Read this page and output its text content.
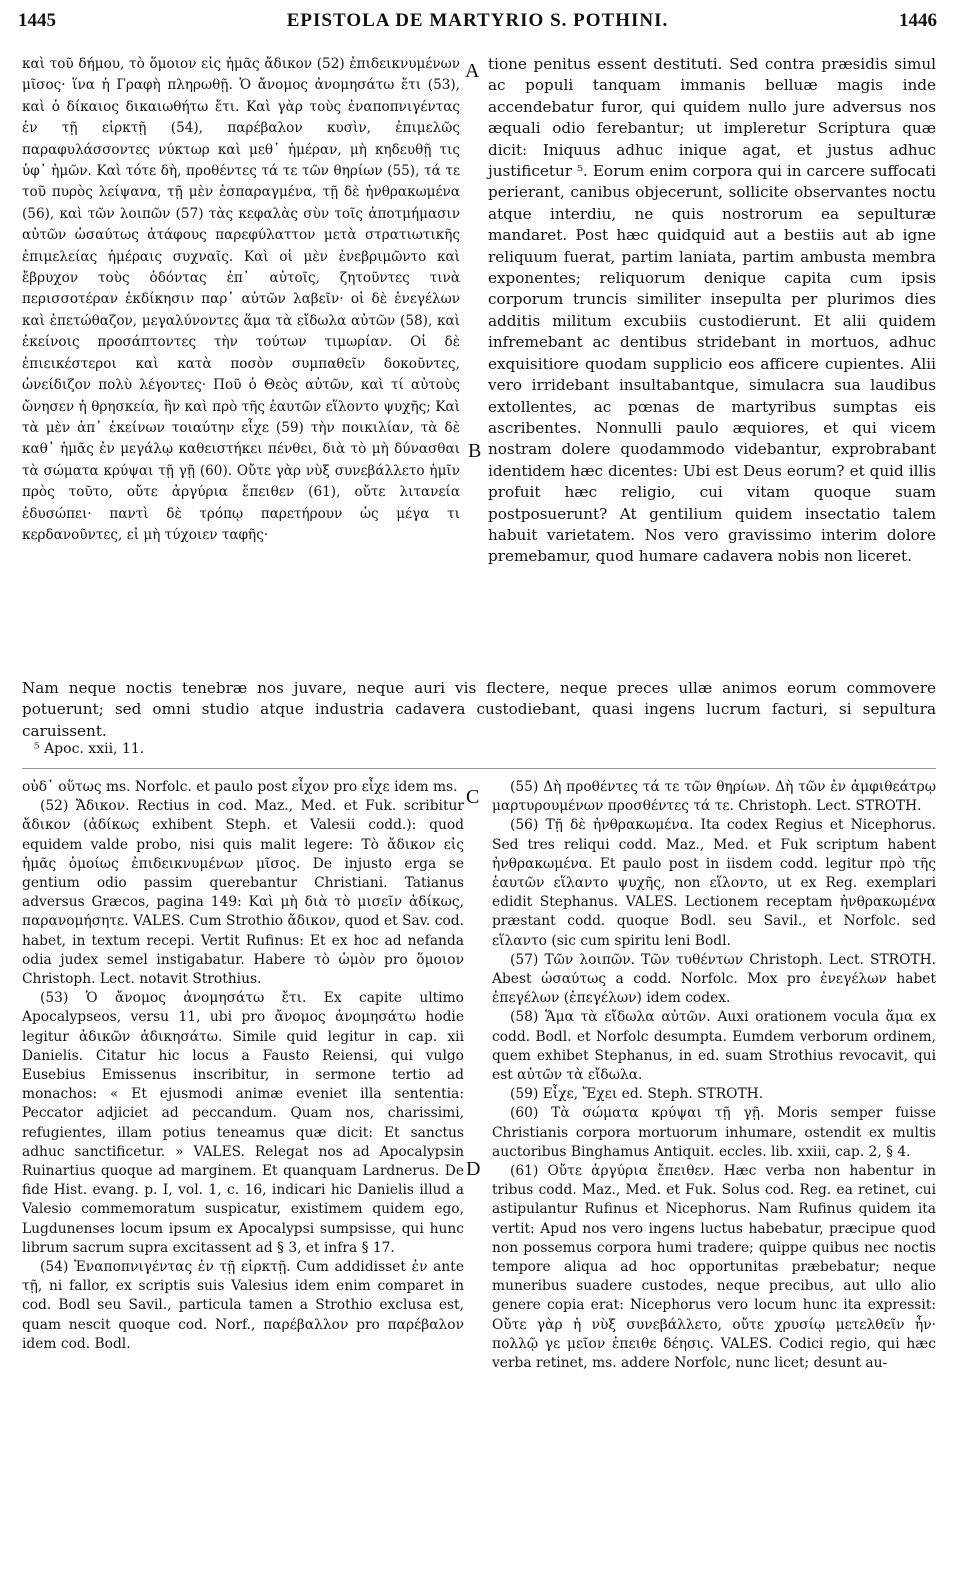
1445	EPISTOLA DE MARTYRIO S. POTHINI.	1446

καὶ τοῦ δήμου, τὸ ὅμοιον εἰς ἡμᾶς ἄδικον (52) ἐπιδεικνυμένων μῖσος· ἵνα ἡ Γραφὴ πληρωθῇ. Ὁ ἄνομος ἀνομησάτω ἔτι (53), καὶ ὁ δίκαιος δικαιωθήτω ἔτι. Καὶ γὰρ τοὺς ἐναποπνιγέντας ἐν τῇ εἱρκτῇ (54), παρέβαλον κυσὶν, ἐπιμελῶς παραφυλάσσοντες νύκτωρ καὶ μεθ᾽ ἡμέραν, μὴ κηδευθῇ τις ὑφ᾽ ἡμῶν. Καὶ τότε δὴ, προθέντες τά τε τῶν θηρίων (55), τά τε τοῦ πυρὸς λείψανα, τῇ μὲν ἐσπαραγμένα, τῇ δὲ ἠνθρακωμένα (56), καὶ τῶν λοιπῶν (57) τὰς κεφαλὰς σὺν τοῖς ἀποτμήμασιν αὐτῶν ὡσαύτως ἀτάφους παρεφύλαττον μετὰ στρατιωτικῆς ἐπιμελείας ἡμέραις συχναῖς. Καὶ οἱ μὲν ἐνεβριμῶντο καὶ ἔβρυχον τοὺς ὀδόντας ἐπ᾽ αὐτοῖς, ζητοῦντες τινὰ περισσοτέραν ἐκδίκησιν παρ᾽ αὐτῶν λαβεῖν· οἱ δὲ ἐνεγέλων καὶ ἐπετώθαζον, μεγαλύνοντες ἅμα τὰ εἴδωλα αὐτῶν (58), καὶ ἐκείνοις προσάπτοντες τὴν τούτων τιμωρίαν. Οἱ δὲ ἐπιεικέστεροι καὶ κατὰ ποσὸν συμπαθεῖν δοκοῦντες, ὠνείδιζον πολὺ λέγοντες· Ποῦ ὁ Θεὸς αὐτῶν, καὶ τί αὐτοὺς ὤνησεν ἡ θρησκεία, ἣν καὶ πρὸ τῆς ἑαυτῶν εἵλοντο ψυχῆς; Καὶ τὰ μὲν ἀπ᾽ ἐκείνων τοιαύτην εἶχε (59) τὴν ποικιλίαν, τὰ δὲ καθ᾽ ἡμᾶς ἐν μεγάλῳ καθειστήκει πένθει, διὰ τὸ μὴ δύνασθαι τὰ σώματα κρύψαι τῇ γῇ (60). Οὔτε γὰρ νὺξ συνεβάλλετο ἡμῖν πρὸς τοῦτο, οὔτε ἀργύρια ἔπειθεν (61), οὔτε λιτανεία ἐδυσώπει· παντὶ δὲ τρόπῳ παρετήρουν ὡς μέγα τι κερδανοῦντες, εἰ μὴ τύχοιεν ταφῆς·

A
B

tione penitus essent destituti. Sed contra præsidis simul ac populi tanquam immanis belluæ magis inde accendebatur furor, qui quidem nullo jure adversus nos æquali odio ferebantur; ut impleretur Scriptura quæ dicit: Iniquus adhuc inique agat, et justus adhuc justificetur ⁵. Eorum enim corpora qui in carcere suffocati perierant, canibus objecerunt, sollicite observantes noctu atque interdiu, ne quis nostrorum ea sepulturæ mandaret. Post hæc quidquid aut a bestiis aut ab igne reliquum fuerat, partim laniata, partim ambusta membra exponentes; reliquorum denique capita cum ipsis corporum truncis similiter insepulta per plurimos dies additis militum excubiis custodierunt. Et alii quidem infremebant ac dentibus stridebant in mortuos, adhuc exquisitiore quodam supplicio eos afficere cupientes. Alii vero irridebant insultabantque, simulacra sua laudibus extollentes, ac pœnas de martyribus sumptas eis ascribentes. Nonnulli paulo æquiores, et qui vicem nostram dolere quodammodo videbantur, exprobrabant identidem hæc dicentes: Ubi est Deus eorum? et quid illis profuit hæc religio, cui vitam quoque suam postposuerunt? At gentilium quidem insectatio talem habuit varietatem. Nos vero gravissimo interim dolore premebamur, quod humare cadavera nobis non liceret.

Nam neque noctis tenebræ nos juvare, neque auri vis flectere, neque preces ullæ animos eorum commovere potuerunt; sed omni studio atque industria cadavera custodiebant, quasi ingens lucrum facturi, si sepultura caruissent.

⁵ Apoc. xxii, 11.
C
D

οὐδ᾽ οὕτως ms. Norfolc. et paulo post εἶχον pro εἶχε idem ms.

(52) Ἄδικον. Rectius in cod. Maz., Med. et Fuk. scribitur ἄδικον (ἀδίκως exhibent Steph. et Valesii codd.): quod equidem valde probo, nisi quis malit legere: Τὸ ἄδικον εἰς ἡμᾶς ὁμοίως ἐπιδεικνυμένων μῖσος. De injusto erga se gentium odio passim querebantur Christiani. Tatianus adversus Græcos, pagina 149: Καὶ μὴ διὰ τὸ μισεῖν ἀδίκως, παρανομήσητε. VALES. Cum Strothio ἄδικον, quod et Sav. cod. habet, in textum recepi. Vertit Rufinus: Et ex hoc ad nefanda odia judex semel instigabatur. Habere τὸ ὠμὸν pro ὅμοιον Christoph. Lect. notavit Strothius.

(53) Ὁ ἄνομος ἀνομησάτω ἔτι. Ex capite ultimo Apocalypseos, versu 11, ubi pro ἄνομος ἀνομησάτω hodie legitur ἀδικῶν ἀδικησάτω. Simile quid legitur in cap. xii Danielis. Citatur hic locus a Fausto Reiensi, qui vulgo Eusebius Emissenus inscribitur, in sermone tertio ad monachos: « Et ejusmodi animæ eveniet illa sententia: Peccator adjiciet ad peccandum. Quam nos, charissimi, refugientes, illam potius teneamus quæ dicit: Et sanctus adhuc sanctificetur. » VALES. Relegat nos ad Apocalypsin Ruinartius quoque ad marginem. Et quanquam Lardnerus. De fide Hist. evang. p. I, vol. 1, c. 16, indicari hic Danielis illud a Valesio commemoratum suspicatur, existimem quidem ego, Lugdunenses locum ipsum ex Apocalypsi sumpsisse, qui hunc librum sacrum supra excitassent ad § 3, et infra § 17.

(54) Ἐναποπνιγέντας ἐν τῇ εἱρκτῇ. Cum addidisset ἐν ante τῇ, ni fallor, ex scriptis suis Valesius idem enim comparet in cod. Bodl seu Savil., particula tamen a Strothio exclusa est, quam nescit quoque cod. Norf., παρέβαλλον pro παρέβαλον idem cod. Bodl.

(55) Δὴ προθέντες τά τε τῶν θηρίων. Δὴ τῶν ἐν ἀμφιθεάτρῳ μαρτυρουμένων προσθέντες τά τε. Christoph. Lect. STROTH.

(56) Τῇ δὲ ἠνθρακωμένα. Ita codex Regius et Nicephorus. Sed tres reliqui codd. Maz., Med. et Fuk scriptum habent ἠνθρακωμένα. Et paulo post in iisdem codd. legitur πρὸ τῆς ἑαυτῶν εἵλαντο ψυχῆς, non εἵλοντο, ut ex Reg. exemplari edidit Stephanus. VALES. Lectionem receptam ἠνθρακωμένα præstant codd. quoque Bodl. seu Savil., et Norfolc. sed εἵλαντο (sic cum spiritu leni Bodl.

(57) Τῶν λοιπῶν. Τῶν τυθέντων Christoph. Lect. STROTH. Abest ὡσαύτως a codd. Norfolc. Mox pro ἐνεγέλων habet ἐπεγέλων (ἐπεγέλων) idem codex.

(58) Ἅμα τὰ εἴδωλα αὐτῶν. Auxi orationem vocula ἅμα ex codd. Bodl. et Norfolc desumpta. Eumdem verborum ordinem, quem exhibet Stephanus, in ed. suam Strothius revocavit, qui est αὐτῶν τὰ εἴδωλα.

(59) Εἶχε, Ἔχει ed. Steph. STROTH.

(60) Τὰ σώματα κρύψαι τῇ γῇ. Moris semper fuisse Christianis corpora mortuorum inhumare, ostendit ex multis auctoribus Binghamus Antiquit. eccles. lib. xxiii, cap. 2, § 4.

(61) Οὔτε ἀργύρια ἔπειθεν. Hæc verba non habentur in tribus codd. Maz., Med. et Fuk. Solus cod. Reg. ea retinet, cui astipulantur Rufinus et Nicephorus. Nam Rufinus quidem ita vertit: Apud nos vero ingens luctus habebatur, præcipue quod non possemus corpora humi tradere; quippe quibus nec noctis tempore aliqua ad hoc opportunitas præbebatur; neque muneribus suadere custodes, neque precibus, aut ullo alio genere copia erat: Nicephorus vero locum hunc ita expressit: Οὔτε γὰρ ἡ νὺξ συνεβάλλετο, οὔτε χρυσίῳ μετελθεῖν ἦν· πολλῷ γε μεῖον ἐπειθε δέησις. VALES. Codici regio, qui hæc verba retinet, ms. addere Norfolc, nunc licet; desunt au-
